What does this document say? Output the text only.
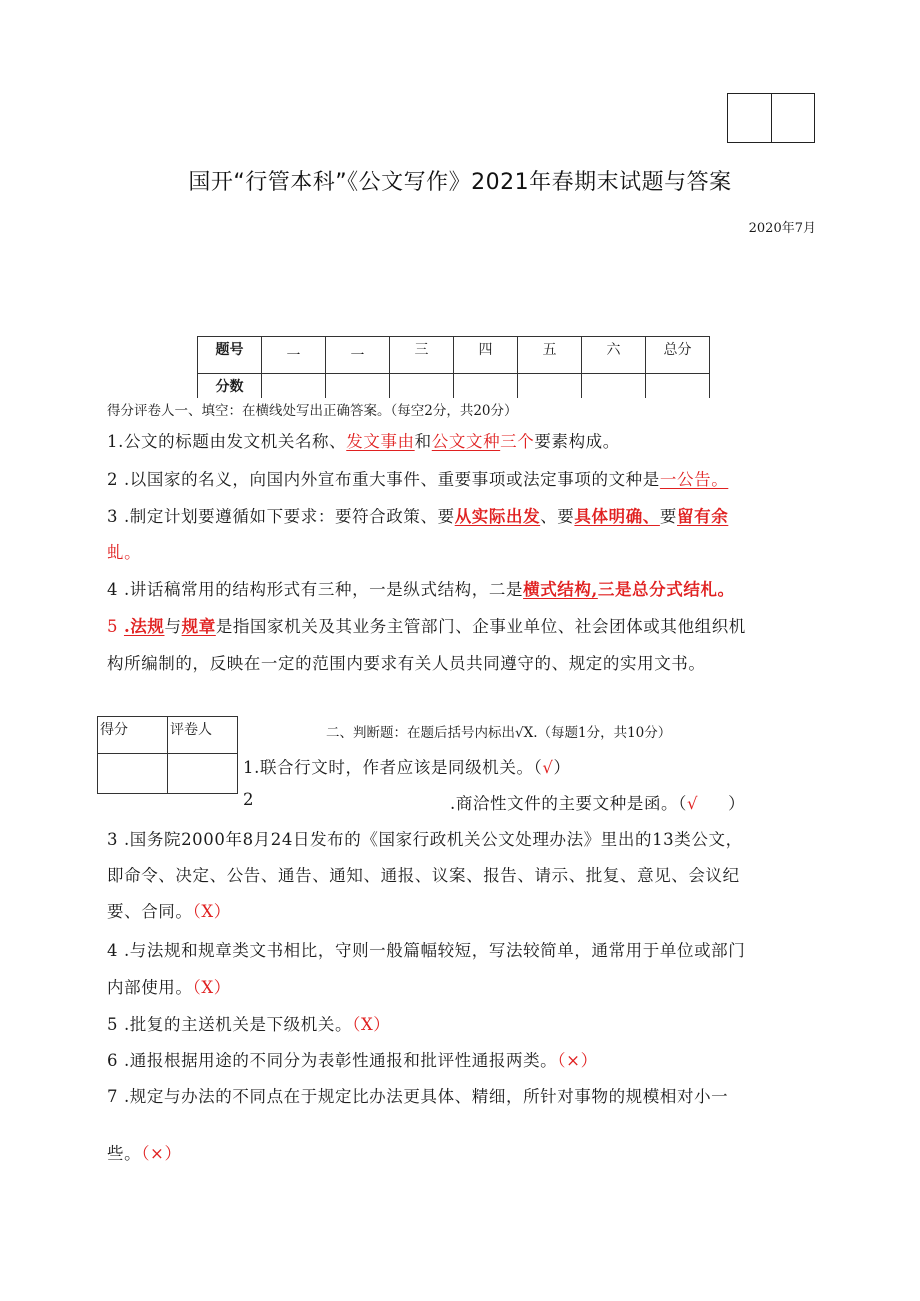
国开“行管本科”《公文写作》2021年春期末试题与答案
2020年7月
题号	一	一	三	四	五	六	总分
分数							
得分评卷人一、填空：在横线处写出正确答案。（每空2分，共20分）
1.公文的标题由发文机关名称、发文事由和公文文种三个要素构成。
2 .以国家的名义，向国内外宣布重大事件、重要事项或法定事项的文种是一公告。
3 .制定计划要遵循如下要求：要符合政策、要从实际出发、要具体明确、要留有余
虬。
4 .讲话稿常用的结构形式有三种，一是纵式结构，二是横式结构,三是总分式结札。
5 .法规与规章是指国家机关及其业务主管部门、企事业单位、社会团体或其他组织机
构所编制的，反映在一定的范围内要求有关人员共同遵守的、规定的实用文书。
得分	评卷人
		二、判断题：在题后括号内标出√X.（每题1分，共10分）
1.联合行文时，作者应该是同级机关。（√）
2	.商洽性文件的主要文种是函。（√ ）
3 .国务院2000年8月24日发布的《国家行政机关公文处理办法》里出的13类公文，
即命令、决定、公告、通告、通知、通报、议案、报告、请示、批复、意见、会议纪
要、合同。（X）
4 .与法规和规章类文书相比，守则一般篇幅较短，写法较简单，通常用于单位或部门
内部使用。（X）
5 .批复的主送机关是下级机关。（X）
6 .通报根据用途的不同分为表彰性通报和批评性通报两类。（×）
7 .规定与办法的不同点在于规定比办法更具体、精细，所针对事物的规模相对小一
些。（×）
